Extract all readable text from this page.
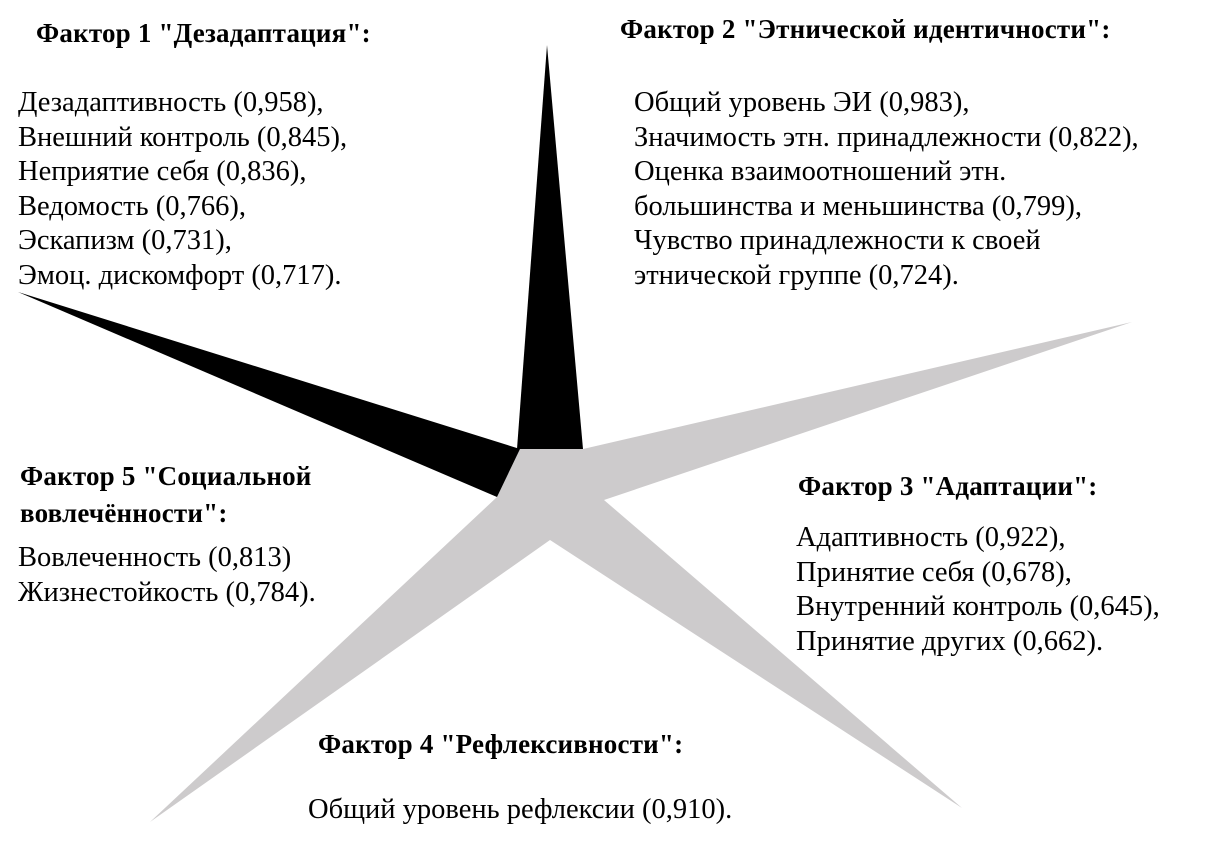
Фактор 1 "Дезадаптация":
Дезадаптивность (0,958),
Внешний контроль (0,845),
Неприятие себя (0,836),
Ведомость (0,766),
Эскапизм (0,731),
Эмоц. дискомфорт (0,717).
Фактор 2 "Этнической идентичности":
Общий уровень ЭИ (0,983),
Значимость этн. принадлежности (0,822),
Оценка взаимоотношений этн.
большинства и меньшинства (0,799),
Чувство принадлежности к своей
этнической группе (0,724).
Фактор 3 "Адаптации":
Адаптивность (0,922),
Принятие себя (0,678),
Внутренний контроль (0,645),
Принятие других (0,662).
Фактор 4 "Рефлексивности":
Общий уровень рефлексии (0,910).
Фактор 5 "Социальной вовлечённости":
Вовлеченность (0,813)
Жизнестойкость (0,784).
